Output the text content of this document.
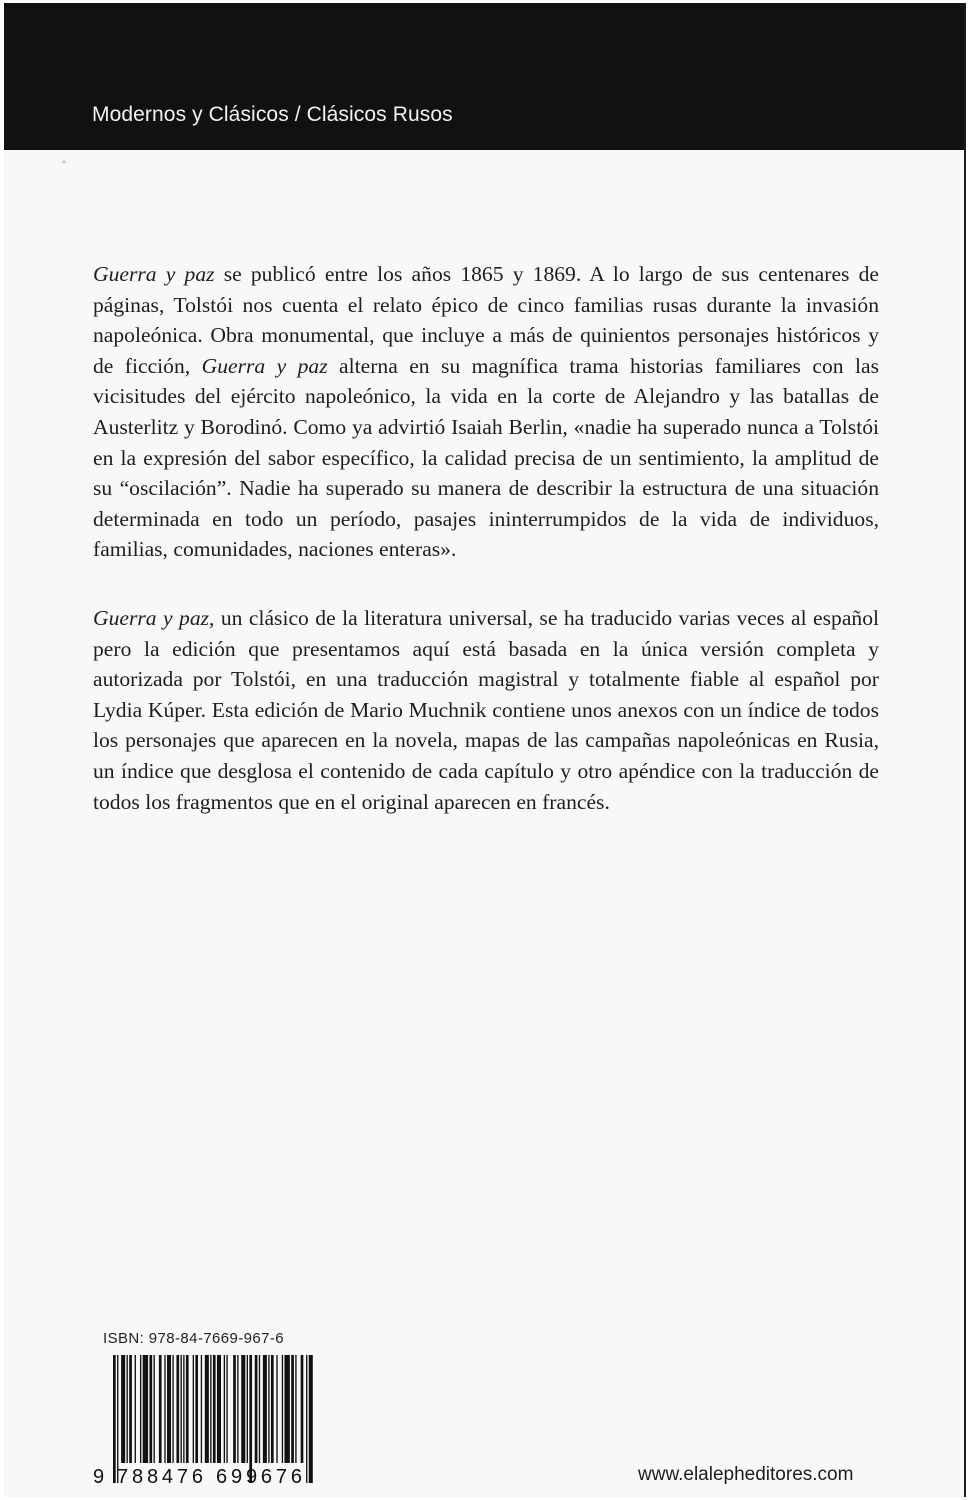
Modernos y Clásicos / Clásicos Rusos
▵

Guerra y paz se publicó entre los años 1865 y 1869. A lo largo de sus centenares de páginas, Tolstói nos cuenta el relato épico de cinco familias rusas durante la invasión napoleónica. Obra monumental, que incluye a más de quinientos personajes históricos y de ficción, Guerra y paz alterna en su magnífica trama historias familiares con las vicisitudes del ejército napoleónico, la vida en la corte de Alejandro y las batallas de Austerlitz y Borodinó. Como ya advirtió Isaiah Berlin, «nadie ha superado nunca a Tolstói en la expresión del sabor específico, la calidad precisa de un sentimiento, la amplitud de su “oscilación”. Nadie ha superado su manera de describir la estructura de una situación determinada en todo un período, pasajes ininterrumpidos de la vida de individuos, familias, comunidades, naciones enteras».

Guerra y paz, un clásico de la literatura universal, se ha traducido varias veces al español pero la edición que presentamos aquí está basada en la única versión completa y autorizada por Tolstói, en una traducción magistral y totalmente fiable al español por Lydia Kúper. Esta edición de Mario Muchnik contiene unos anexos con un índice de todos los personajes que aparecen en la novela, mapas de las campañas napoleónicas en Rusia, un índice que desglosa el contenido de cada capítulo y otro apéndice con la traducción de todos los fragmentos que en el original aparecen en francés.

ISBN: 978-84-7669-967-6
9 788476 699676	www.elalepheditores.com
